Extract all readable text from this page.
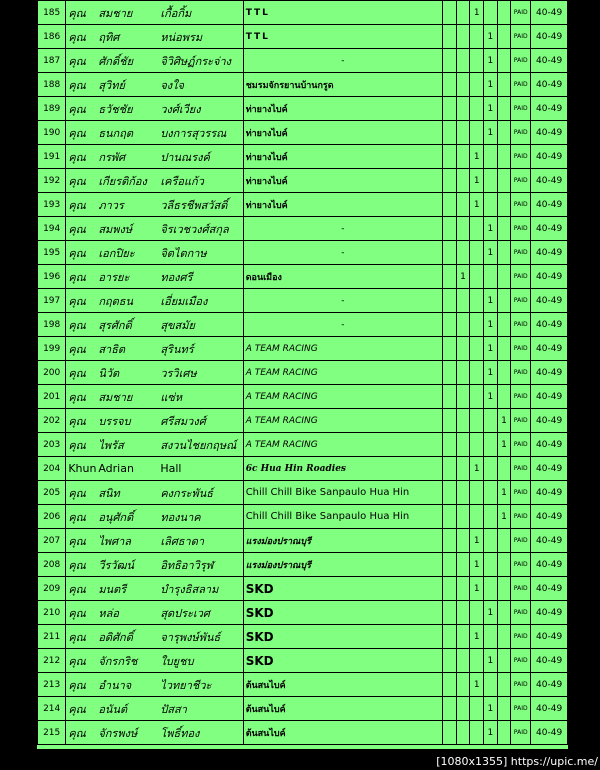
185	คุณ สมชาย เกื้อกิ้ม	TTL			1			PAID	40-49
186	คุณ ฤทิศ หน่อพรม	TTL				1		PAID	40-49
187	คุณ ศักดิ์ชัย จิวิศิษฏ์กระจ่าง	-				1		PAID	40-49
188	คุณ สุวิทย์ จงใจ	ชมรมจักรยานบ้านกรูด				1		PAID	40-49
189	คุณ ธวัชชัย วงศ์เวียง	ท่ายางไบค์				1		PAID	40-49
190	คุณ ธนกฤต บงการสุวรรณ	ท่ายางไบค์				1		PAID	40-49
191	คุณ กรพัศ ปานณรงค์	ท่ายางไบค์			1			PAID	40-49
192	คุณ เกียรติก้อง เครือแก้ว	ท่ายางไบค์			1			PAID	40-49
193	คุณ ภาวร วลีธรชีพสวัสดิ์	ท่ายางไบค์			1			PAID	40-49
194	คุณ สมพงษ์ จิรเวชวงศ์สกุล	-				1		PAID	40-49
195	คุณ เอกปิยะ จิตไตกาษ	-				1		PAID	40-49
196	คุณ อารยะ ทองศรี	ดอนเมือง		1				PAID	40-49
197	คุณ กฤตธน เอี่ยมเมือง	-				1		PAID	40-49
198	คุณ สุรศักดิ์ สุขสมัย	-				1		PAID	40-49
199	คุณ สาธิต สุรินทร์	A TEAM RACING				1		PAID	40-49
200	คุณ นิวัต วรวิเศษ	A TEAM RACING				1		PAID	40-49
201	คุณ สมชาย แซ่ห	A TEAM RACING				1		PAID	40-49
202	คุณ บรรจบ ศรีสมวงศ์	A TEAM RACING					1	PAID	40-49
203	คุณ ไพรัส สงวนไชยกฤษณ์	A TEAM RACING					1	PAID	40-49
204	Khun Adrian Hall	6c Hua Hin Roadies			1			PAID	40-49
205	คุณ สนิท คงกระพันธ์	Chill Chill Bike Sanpaulo Hua Hin					1	PAID	40-49
206	คุณ อนุศักดิ์ ทองนาค	Chill Chill Bike Sanpaulo Hua Hin					1	PAID	40-49
207	คุณ ไพศาล เลิศธาดา	แรงม่องปราณบุรี			1			PAID	40-49
208	คุณ วีรวัฒน์ อิทธิอาวิรุฬ	แรงม่องปราณบุรี			1			PAID	40-49
209	คุณ มนตรี บำรุงธิสลาม	SKD			1			PAID	40-49
210	คุณ หล่อ สุดประเวศ	SKD				1		PAID	40-49
211	คุณ อดิศักดิ์ จารุพงษ์พันธ์	SKD			1			PAID	40-49
212	คุณ จักรกริช ใบยูชบ	SKD				1		PAID	40-49
213	คุณ อำนาจ ไวทยาชีวะ	ต้นสนไบค์			1			PAID	40-49
214	คุณ อนันต์ ปัสสา	ต้นสนไบค์				1		PAID	40-49
215	คุณ จักรพงษ์ โพธิ์ทอง	ต้นสนไบค์				1		PAID	40-49
[1080x1355] https://upic.me/
